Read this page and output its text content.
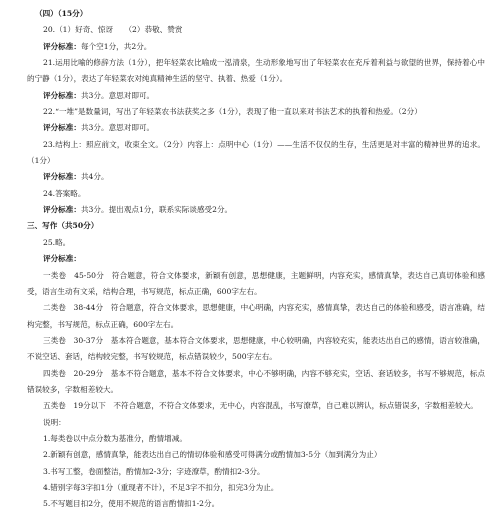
（四）（15分）
20.（1）好奇、惊讶　　（2）恭敬、赞赏
评分标准：每个空1分，共2分。
21.运用比喻的修辞方法（1分），把年轻菜农比喻成一泓清泉，生动形象地写出了年轻菜农在充斥着利益与欲望的世界，保持着心中的宁静（1分），表达了年轻菜农对纯真精神生活的坚守、执着、热爱（1分）。
评分标准：共3分。意思对即可。
22.“一堆”是数量词，写出了年轻菜农书法获奖之多（1分），表现了他一直以来对书法艺术的执着和热爱。（2分）
评分标准：共3分。意思对即可。
23.结构上：照应前文，收束全文。（2分）内容上：点明中心（1分）——生活不仅仅的生存，生活更是对丰富的精神世界的追求。（1分）
评分标准：共4分。
24.答案略。
评分标准：共3分。提出观点1分，联系实际谈感受2分。
三、写作（共50分）
25.略。
评分标准：
一类卷　45-50分　符合题意，符合文体要求，新颖有创意，思想健康，主题鲜明，内容充实，感情真挚，表达自己真切体验和感受，语言生动有文采，结构合理，书写规范，标点正确，600字左右。
二类卷　38-44分　符合题意，符合文体要求，思想健康，中心明确，内容充实，感情真挚，表达自己的体验和感受，语言准确，结构完整，书写规范，标点正确，600字左右。
三类卷　30-37分　基本符合题意，基本符合文体要求，思想健康，中心较明确，内容较充实，能表达出自己的感情，语言较准确，不说空话、套话，结构较完整，书写较规范，标点错误较少，500字左右。
四类卷　20-29分　基本不符合题意，基本不符合文体要求，中心不够明确，内容不够充实，空话、套话较多，书写不够规范，标点错误较多，字数相差较大。
五类卷　19分以下　不符合题意，不符合文体要求，无中心，内容混乱，书写潦草，自己难以辨认，标点错误多，字数相差较大。
说明：
1.每类卷以中点分数为基准分，酌情增减。
2.新颖有创意，感情真挚，能表达出自己的情切体验和感受可得满分或酌情加3-5分（加到满分为止）
3.书写工整，卷面整洁，酌情加2-3分；字迹潦草，酌情扣2-3分。
4.错别字每3字扣1分（重现者不计），不足3字不扣分，扣完3分为止。
5.不写题目扣2分，使用不规范的语言酌情扣1-2分。
